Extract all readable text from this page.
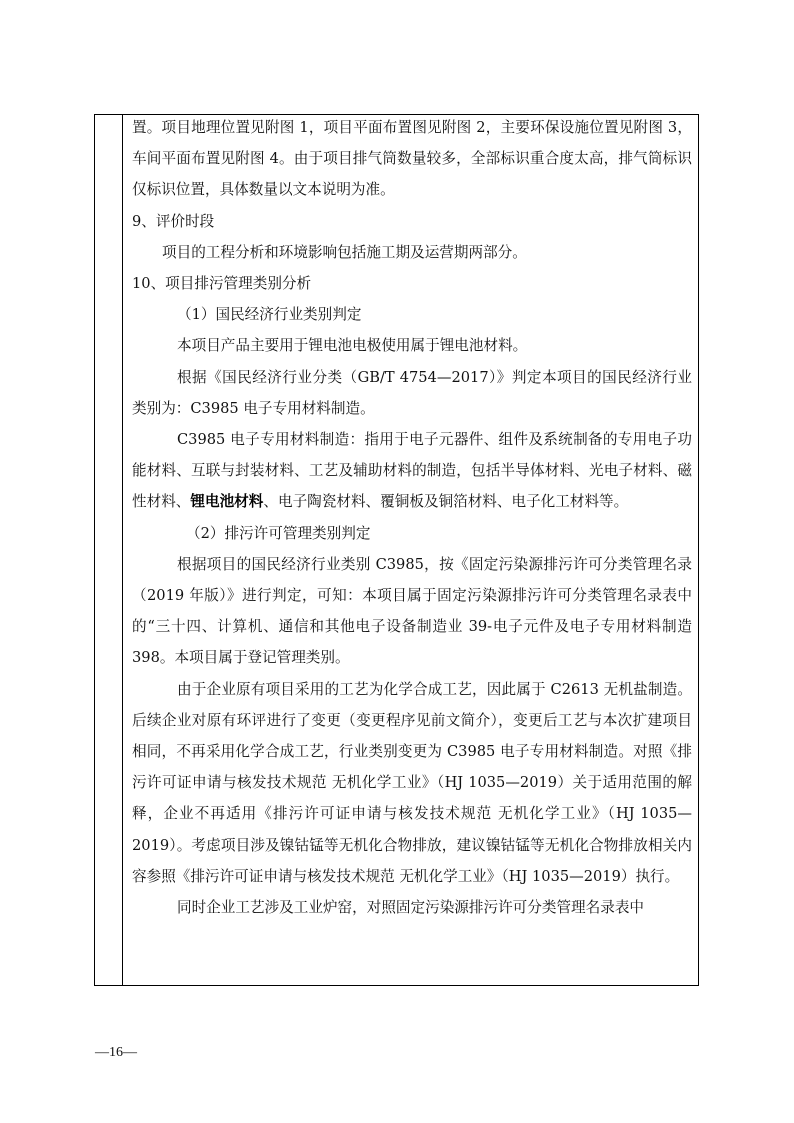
置。项目地理位置见附图 1，项目平面布置图见附图 2，主要环保设施位置见附图 3，车间平面布置见附图 4。由于项目排气筒数量较多，全部标识重合度太高，排气筒标识仅标识位置，具体数量以文本说明为准。

9、评价时段

项目的工程分析和环境影响包括施工期及运营期两部分。

10、项目排污管理类别分析

（1）国民经济行业类别判定

本项目产品主要用于锂电池电极使用属于锂电池材料。

根据《国民经济行业分类（GB/T 4754—2017）》判定本项目的国民经济行业类别为：C3985 电子专用材料制造。

C3985 电子专用材料制造：指用于电子元器件、组件及系统制备的专用电子功能材料、互联与封装材料、工艺及辅助材料的制造，包括半导体材料、光电子材料、磁性材料、锂电池材料、电子陶瓷材料、覆铜板及铜箔材料、电子化工材料等。

（2）排污许可管理类别判定

根据项目的国民经济行业类别 C3985，按《固定污染源排污许可分类管理名录（2019 年版）》进行判定，可知：本项目属于固定污染源排污许可分类管理名录表中的“三十四、计算机、通信和其他电子设备制造业 39-电子元件及电子专用材料制造 398。本项目属于登记管理类别。

由于企业原有项目采用的工艺为化学合成工艺，因此属于 C2613 无机盐制造。后续企业对原有环评进行了变更（变更程序见前文简介），变更后工艺与本次扩建项目相同，不再采用化学合成工艺，行业类别变更为 C3985 电子专用材料制造。对照《排污许可证申请与核发技术规范 无机化学工业》（HJ 1035—2019）关于适用范围的解释，企业不再适用《排污许可证申请与核发技术规范 无机化学工业》（HJ 1035—2019）。考虑项目涉及镍钴锰等无机化合物排放，建议镍钴锰等无机化合物排放相关内容参照《排污许可证申请与核发技术规范 无机化学工业》（HJ 1035—2019）执行。

同时企业工艺涉及工业炉窑，对照固定污染源排污许可分类管理名录表中

—16—
